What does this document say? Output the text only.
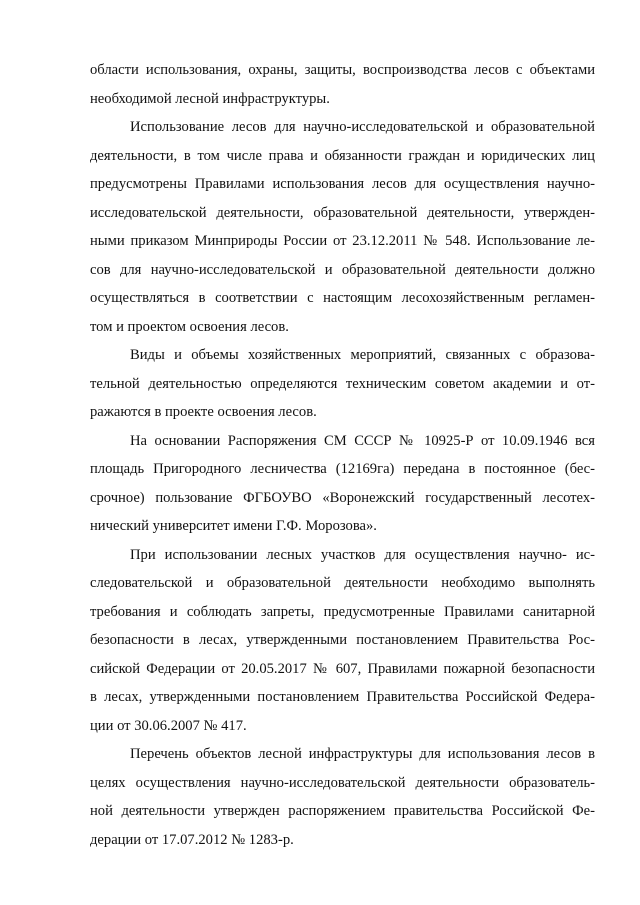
области использования, охраны, защиты, воспроизводства лесов с объектами
необходимой лесной инфраструктуры.
Использование лесов для научно-исследовательской и образовательной
деятельности, в том числе права и обязанности граждан и юридических лиц
предусмотрены Правилами использования лесов для осуществления научно-
исследовательской деятельности, образовательной деятельности, утвержден-
ными приказом Минприроды России от 23.12.2011 № 548. Использование ле-
сов для научно-исследовательской и образовательной деятельности должно
осуществляться в соответствии с настоящим лесохозяйственным регламен-
том и проектом освоения лесов.
Виды и объемы хозяйственных мероприятий, связанных с образова-
тельной деятельностью определяются техническим советом академии и от-
ражаются в проекте освоения лесов.
На основании Распоряжения СМ СССР № 10925-Р от 10.09.1946 вся
площадь Пригородного лесничества (12169га) передана в постоянное (бес-
срочное) пользование ФГБОУВО «Воронежский государственный лесотех-
нический университет имени Г.Ф. Морозова».
При использовании лесных участков для осуществления научно- ис-
следовательской и образовательной деятельности необходимо выполнять
требования и соблюдать запреты, предусмотренные Правилами санитарной
безопасности в лесах, утвержденными постановлением Правительства Рос-
сийской Федерации от 20.05.2017 № 607, Правилами пожарной безопасности
в лесах, утвержденными постановлением Правительства Российской Федера-
ции от 30.06.2007 № 417.
Перечень объектов лесной инфраструктуры для использования лесов в
целях осуществления научно-исследовательской деятельности образователь-
ной деятельности утвержден распоряжением правительства Российской Фе-
дерации от 17.07.2012 № 1283-р.
